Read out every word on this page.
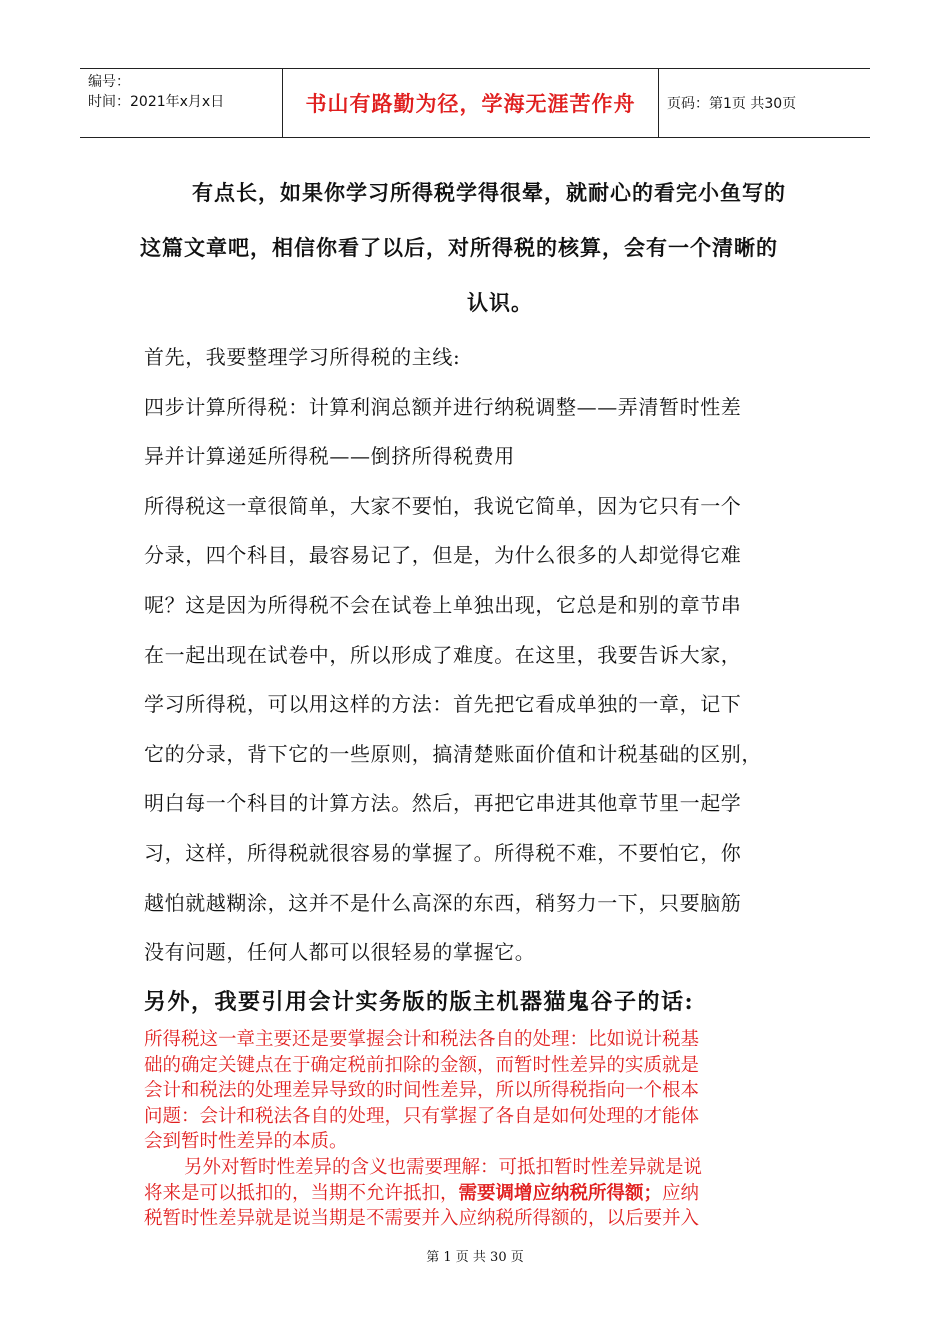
编号：
时间：2021年x月x日	书山有路勤为径，学海无涯苦作舟	页码：第1页 共30页

有点长，如果你学习所得税学得很晕，就耐心的看完小鱼写的

这篇文章吧，相信你看了以后，对所得税的核算，会有一个清晰的

认识。

首先，我要整理学习所得税的主线:

四步计算所得税：计算利润总额并进行纳税调整——弄清暂时性差

异并计算递延所得税——倒挤所得税费用

所得税这一章很简单，大家不要怕，我说它简单，因为它只有一个

分录，四个科目，最容易记了，但是，为什么很多的人却觉得它难

呢？这是因为所得税不会在试卷上单独出现，它总是和别的章节串

在一起出现在试卷中，所以形成了难度。在这里，我要告诉大家，

学习所得税，可以用这样的方法：首先把它看成单独的一章，记下

它的分录，背下它的一些原则，搞清楚账面价值和计税基础的区别，

明白每一个科目的计算方法。然后，再把它串进其他章节里一起学

习，这样，所得税就很容易的掌握了。所得税不难，不要怕它，你

越怕就越糊涂，这并不是什么高深的东西，稍努力一下，只要脑筋

没有问题，任何人都可以很轻易的掌握它。

另外，我要引用会计实务版的版主机器猫鬼谷子的话:

所得税这一章主要还是要掌握会计和税法各自的处理：比如说计税基

础的确定关键点在于确定税前扣除的金额，而暂时性差异的实质就是

会计和税法的处理差异导致的时间性差异，所以所得税指向一个根本

问题：会计和税法各自的处理，只有掌握了各自是如何处理的才能体

会到暂时性差异的本质。

另外对暂时性差异的含义也需要理解：可抵扣暂时性差异就是说

将来是可以抵扣的，当期不允许抵扣，需要调增应纳税所得额；应纳

税暂时性差异就是说当期是不需要并入应纳税所得额的，以后要并入

第 1 页 共 30 页
